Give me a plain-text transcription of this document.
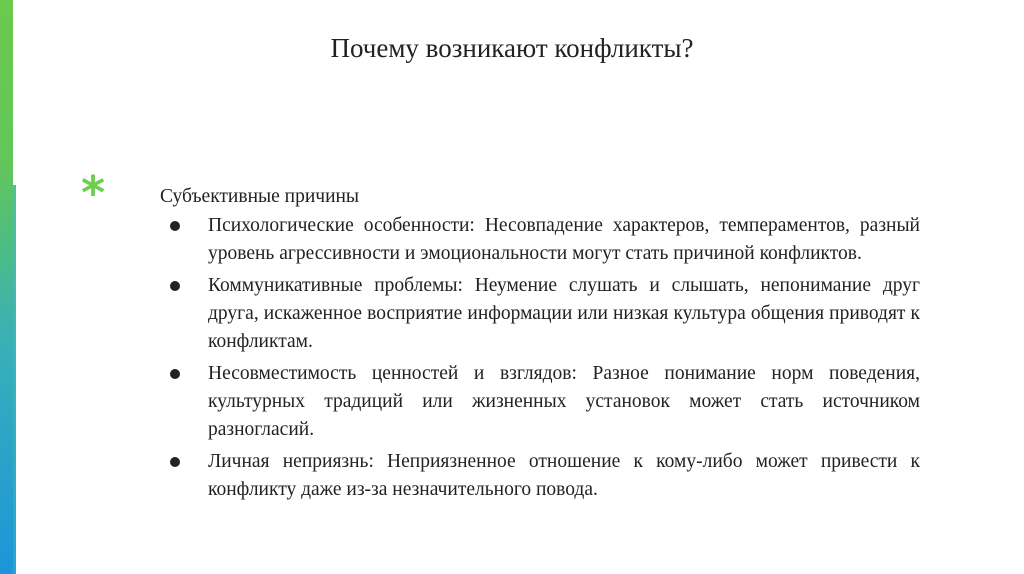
Почему возникают конфликты?
*	Субъективные причины
Психологические особенности: Несовпадение характеров, темпераментов, разный уровень агрессивности и эмоциональности могут стать причиной конфликтов.
Коммуникативные проблемы: Неумение слушать и слышать, непонимание друг друга, искаженное восприятие информации или низкая культура общения приводят к конфликтам.
Несовместимость ценностей и взглядов: Разное понимание норм поведения, культурных традиций или жизненных установок может стать источником разногласий.
Личная неприязнь: Неприязненное отношение к кому-либо может привести к конфликту даже из-за незначительного повода.
